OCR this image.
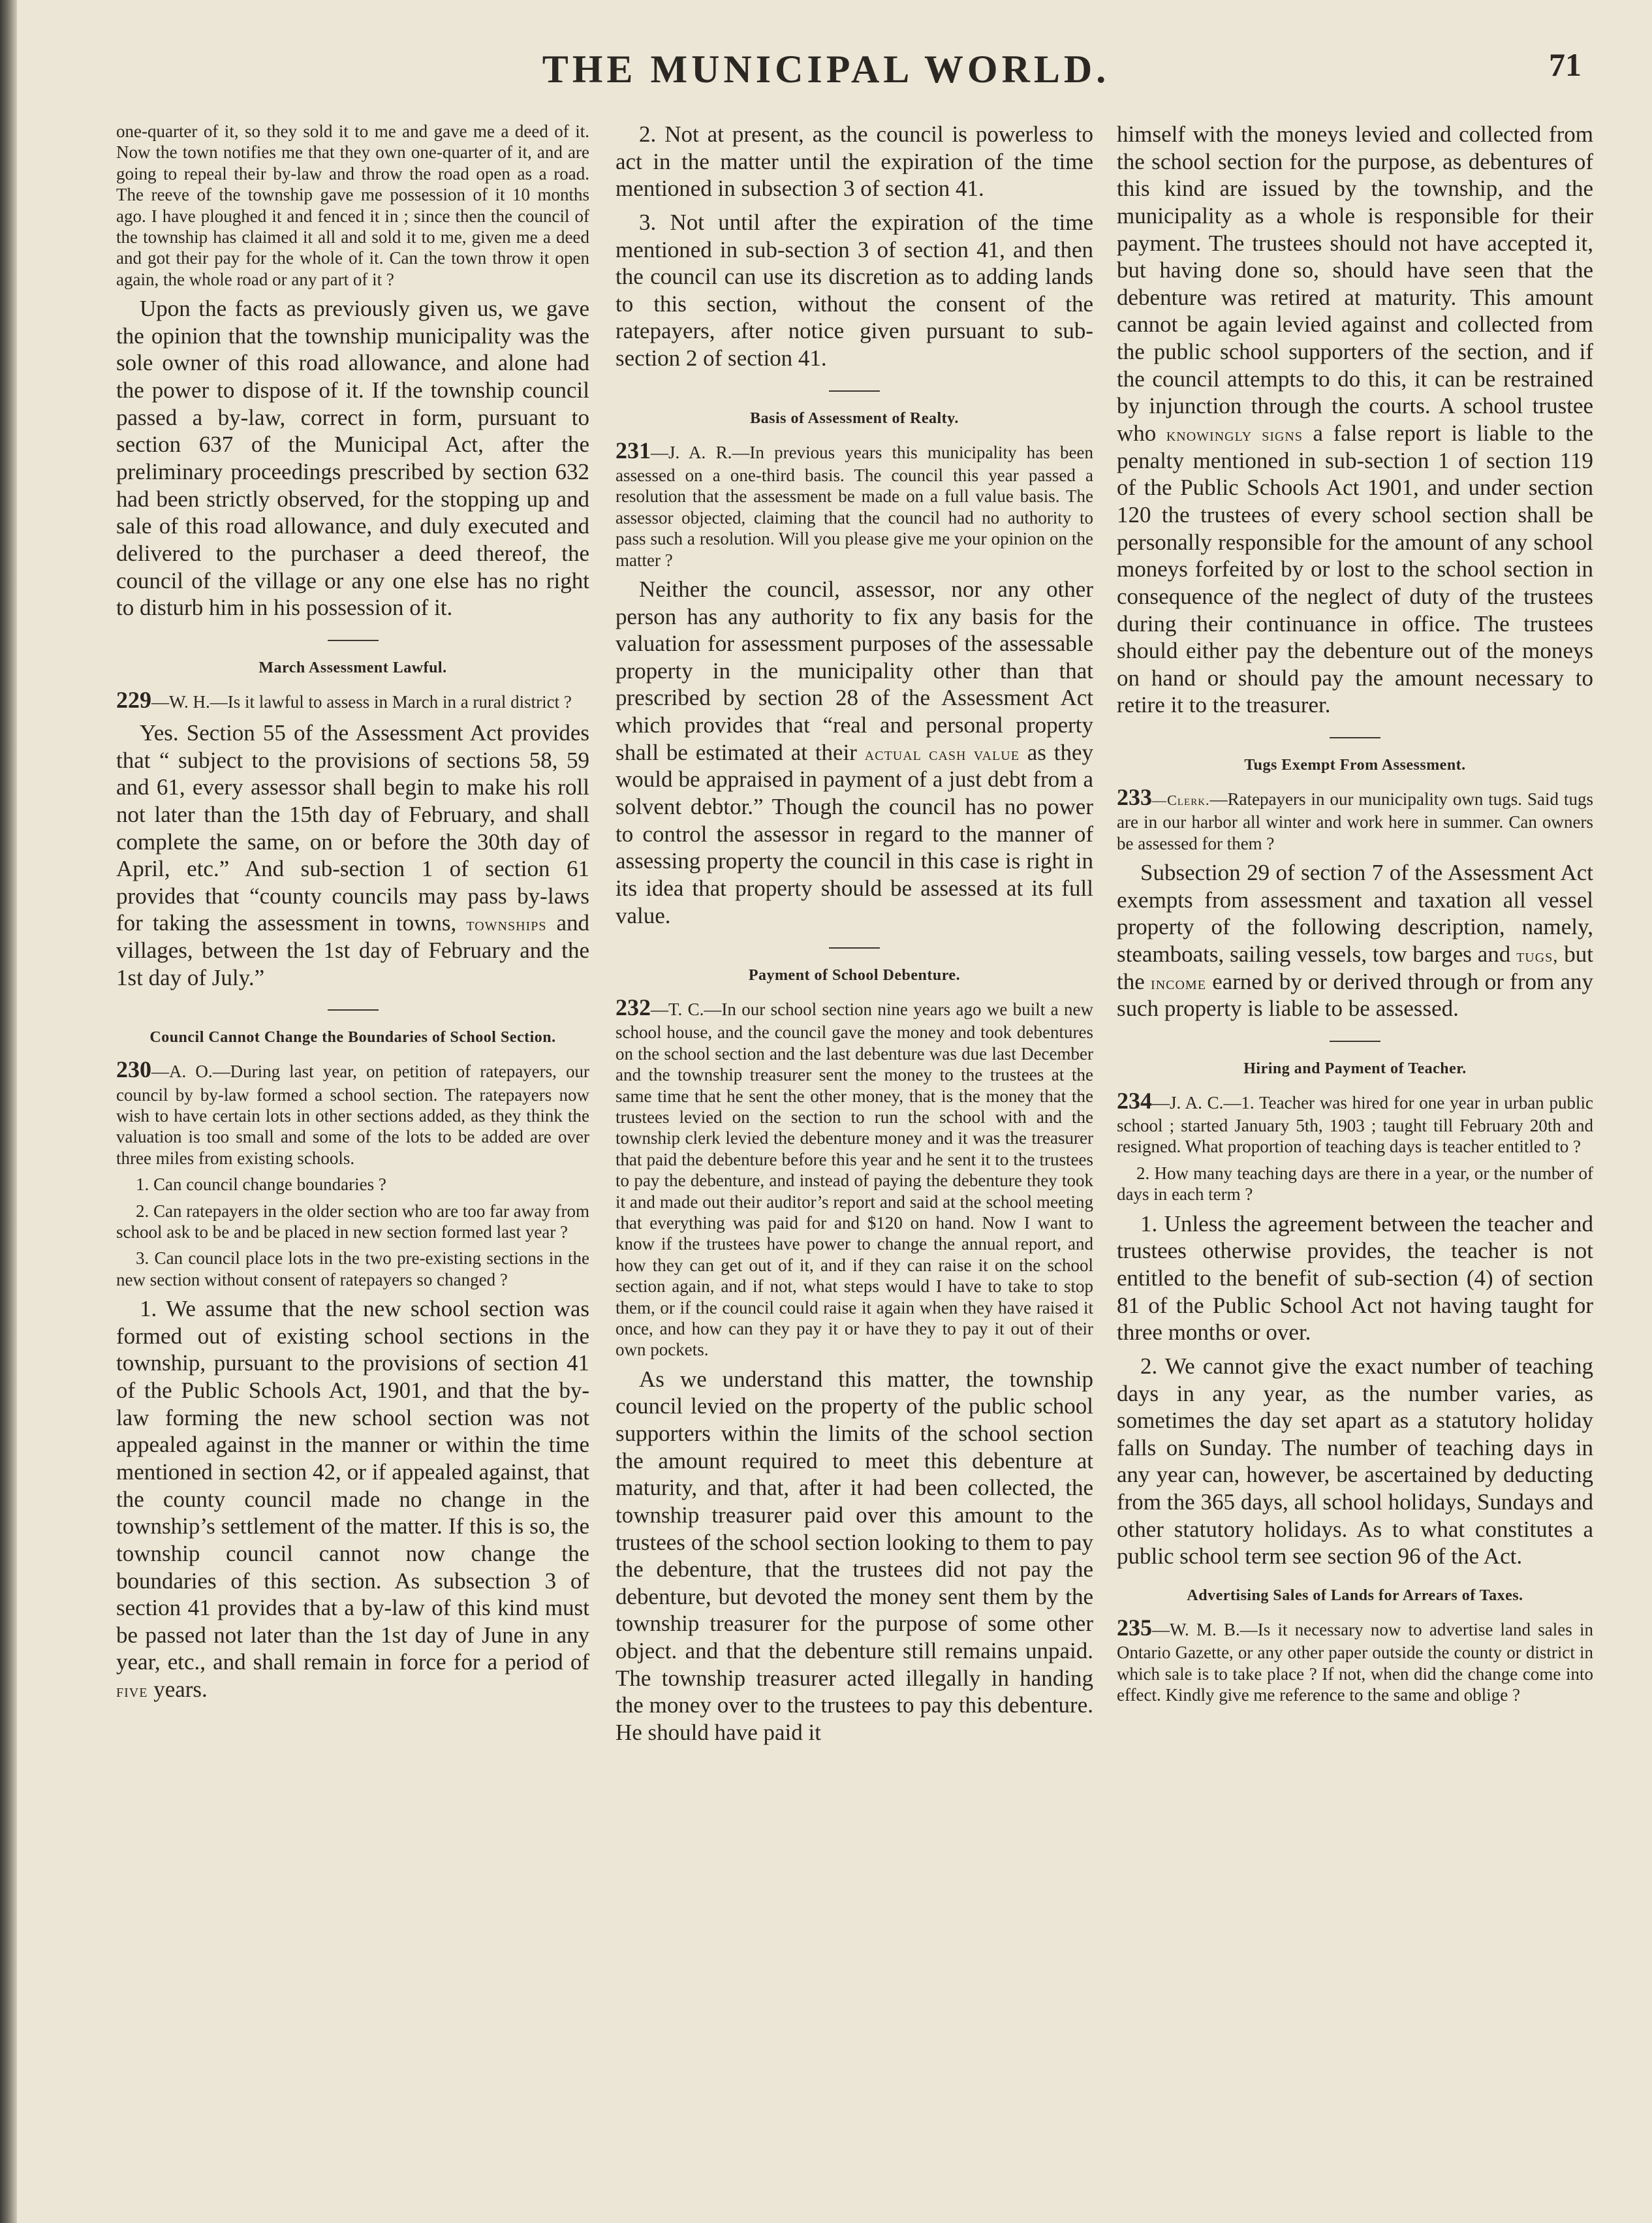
THE MUNICIPAL WORLD.	71

one-quarter of it, so they sold it to me and gave me a deed of it. Now the town notifies me that they own one-quarter of it, and are going to repeal their by-law and throw the road open as a road. The reeve of the township gave me possession of it 10 months ago. I have ploughed it and fenced it in ; since then the council of the township has claimed it all and sold it to me, given me a deed and got their pay for the whole of it. Can the town throw it open again, the whole road or any part of it ?

Upon the facts as previously given us, we gave the opinion that the township municipality was the sole owner of this road allowance, and alone had the power to dispose of it. If the township council passed a by-law, correct in form, pursuant to section 637 of the Municipal Act, after the preliminary proceedings prescribed by section 632 had been strictly observed, for the stopping up and sale of this road allowance, and duly executed and delivered to the purchaser a deed thereof, the council of the village or any one else has no right to disturb him in his possession of it.

March Assessment Lawful.

229—W. H.—Is it lawful to assess in March in a rural district ?

Yes. Section 55 of the Assessment Act provides that “ subject to the provisions of sections 58, 59 and 61, every assessor shall begin to make his roll not later than the 15th day of February, and shall complete the same, on or before the 30th day of April, etc.” And sub-section 1 of section 61 provides that “county councils may pass by-laws for taking the assessment in towns, townships and villages, between the 1st day of February and the 1st day of July.”

Council Cannot Change the Boundaries of School Section.

230—A. O.—During last year, on petition of ratepayers, our council by by-law formed a school section. The ratepayers now wish to have certain lots in other sections added, as they think the valuation is too small and some of the lots to be added are over three miles from existing schools.

1. Can council change boundaries ?

2. Can ratepayers in the older section who are too far away from school ask to be and be placed in new section formed last year ?

3. Can council place lots in the two pre-existing sections in the new section without consent of ratepayers so changed ?

1. We assume that the new school section was formed out of existing school sections in the township, pursuant to the provisions of section 41 of the Public Schools Act, 1901, and that the by-law forming the new school section was not appealed against in the manner or within the time mentioned in section 42, or if appealed against, that the county council made no change in the township’s settlement of the matter. If this is so, the township council cannot now change the boundaries of this section. As subsection 3 of section 41 provides that a by-law of this kind must be passed not later than the 1st day of June in any year, etc., and shall remain in force for a period of five years.

2. Not at present, as the council is powerless to act in the matter until the expiration of the time mentioned in subsection 3 of section 41.

3. Not until after the expiration of the time mentioned in sub-section 3 of section 41, and then the council can use its discretion as to adding lands to this section, without the consent of the ratepayers, after notice given pursuant to sub-section 2 of section 41.

Basis of Assessment of Realty.

231—J. A. R.—In previous years this municipality has been assessed on a one-third basis. The council this year passed a resolution that the assessment be made on a full value basis. The assessor objected, claiming that the council had no authority to pass such a resolution. Will you please give me your opinion on the matter ?

Neither the council, assessor, nor any other person has any authority to fix any basis for the valuation for assessment purposes of the assessable property in the municipality other than that prescribed by section 28 of the Assessment Act which provides that “real and personal property shall be estimated at their actual cash value as they would be appraised in payment of a just debt from a solvent debtor.” Though the council has no power to control the assessor in regard to the manner of assessing property the council in this case is right in its idea that property should be assessed at its full value.

Payment of School Debenture.

232—T. C.—In our school section nine years ago we built a new school house, and the council gave the money and took debentures on the school section and the last debenture was due last December and the township treasurer sent the money to the trustees at the same time that he sent the other money, that is the money that the trustees levied on the section to run the school with and the township clerk levied the debenture money and it was the treasurer that paid the debenture before this year and he sent it to the trustees to pay the debenture, and instead of paying the debenture they took it and made out their auditor’s report and said at the school meeting that everything was paid for and $120 on hand. Now I want to know if the trustees have power to change the annual report, and how they can get out of it, and if they can raise it on the school section again, and if not, what steps would I have to take to stop them, or if the council could raise it again when they have raised it once, and how can they pay it or have they to pay it out of their own pockets.

As we understand this matter, the township council levied on the property of the public school supporters within the limits of the school section the amount required to meet this debenture at maturity, and that, after it had been collected, the township treasurer paid over this amount to the trustees of the school section looking to them to pay the debenture, that the trustees did not pay the debenture, but devoted the money sent them by the township treasurer for the purpose of some other object. and that the debenture still remains unpaid. The township treasurer acted illegally in handing the money over to the trustees to pay this debenture. He should have paid it

himself with the moneys levied and collected from the school section for the purpose, as debentures of this kind are issued by the township, and the municipality as a whole is responsible for their payment. The trustees should not have accepted it, but having done so, should have seen that the debenture was retired at maturity. This amount cannot be again levied against and collected from the public school supporters of the section, and if the council attempts to do this, it can be restrained by injunction through the courts. A school trustee who knowingly signs a false report is liable to the penalty mentioned in sub-section 1 of section 119 of the Public Schools Act 1901, and under section 120 the trustees of every school section shall be personally responsible for the amount of any school moneys forfeited by or lost to the school section in consequence of the neglect of duty of the trustees during their continuance in office. The trustees should either pay the debenture out of the moneys on hand or should pay the amount necessary to retire it to the treasurer.

Tugs Exempt From Assessment.

233—Clerk.—Ratepayers in our municipality own tugs. Said tugs are in our harbor all winter and work here in summer. Can owners be assessed for them ?

Subsection 29 of section 7 of the Assessment Act exempts from assessment and taxation all vessel property of the following description, namely, steamboats, sailing vessels, tow barges and tugs, but the income earned by or derived through or from any such property is liable to be assessed.

Hiring and Payment of Teacher.

234—J. A. C.—1. Teacher was hired for one year in urban public school ; started January 5th, 1903 ; taught till February 20th and resigned. What proportion of teaching days is teacher entitled to ?

2. How many teaching days are there in a year, or the number of days in each term ?

1. Unless the agreement between the teacher and trustees otherwise provides, the teacher is not entitled to the benefit of sub-section (4) of section 81 of the Public School Act not having taught for three months or over.

2. We cannot give the exact number of teaching days in any year, as the number varies, as sometimes the day set apart as a statutory holiday falls on Sunday. The number of teaching days in any year can, however, be ascertained by deducting from the 365 days, all school holidays, Sundays and other statutory holidays. As to what constitutes a public school term see section 96 of the Act.

Advertising Sales of Lands for Arrears of Taxes.

235—W. M. B.—Is it necessary now to advertise land sales in Ontario Gazette, or any other paper outside the county or district in which sale is to take place ? If not, when did the change come into effect. Kindly give me reference to the same and oblige ?
